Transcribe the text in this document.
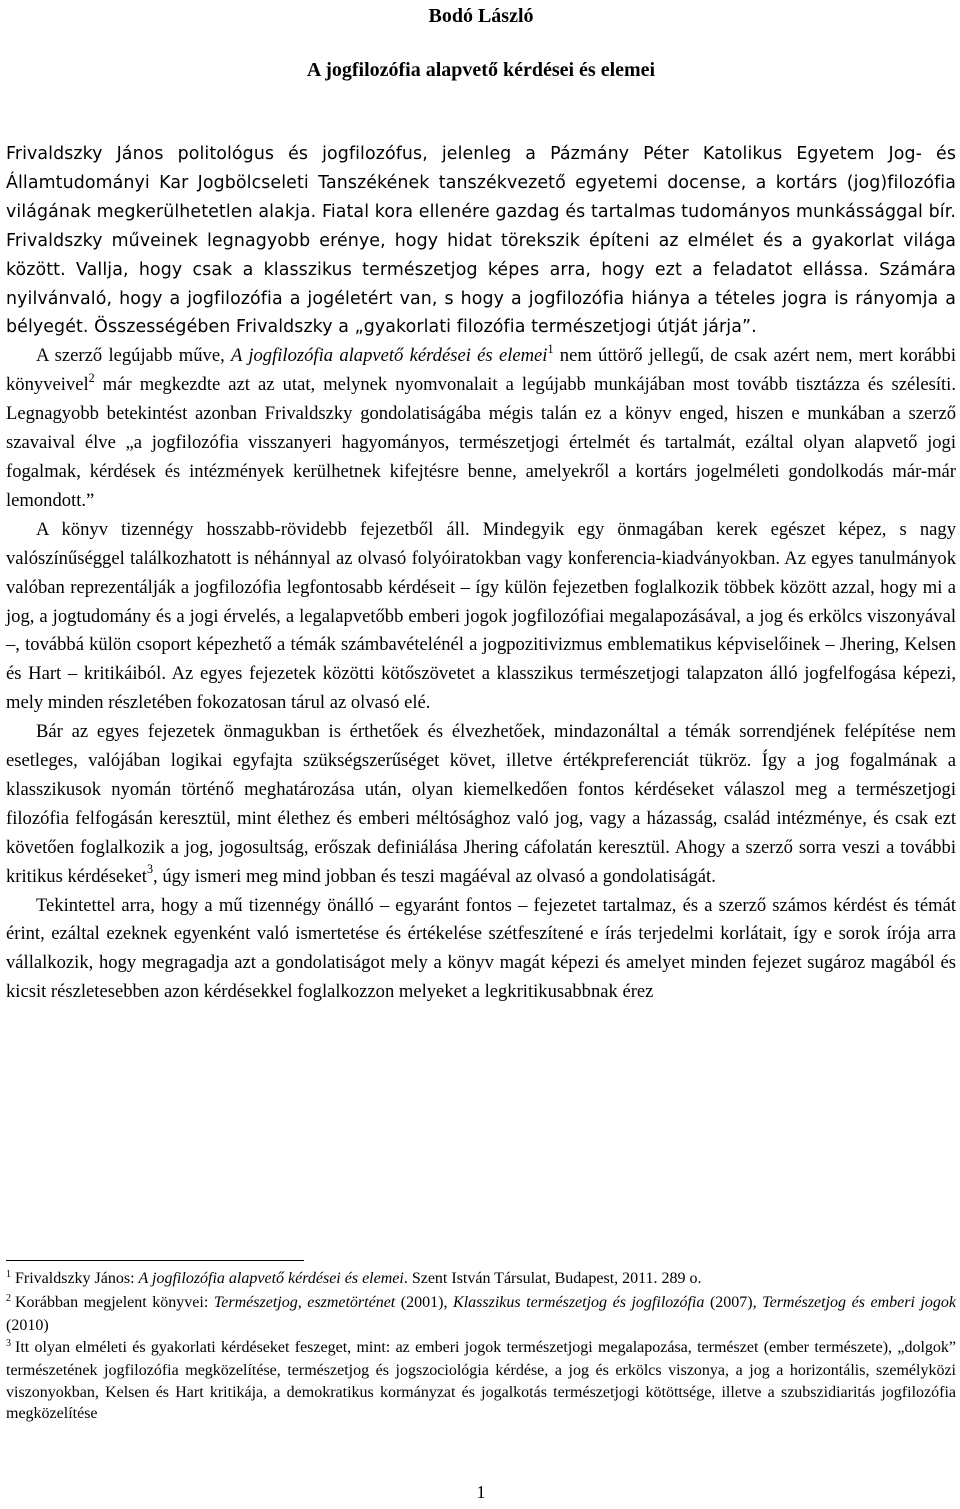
Bodó László
A jogfilozófia alapvető kérdései és elemei

Frivaldszky János politológus és jogfilozófus, jelenleg a Pázmány Péter Katolikus Egyetem Jog- és Államtudományi Kar Jogbölcseleti Tanszékének tanszékvezető egyetemi docense, a kortárs (jog)filozófia világának megkerülhetetlen alakja. Fiatal kora ellenére gazdag és tartalmas tudományos munkássággal bír. Frivaldszky műveinek legnagyobb erénye, hogy hidat törekszik építeni az elmélet és a gyakorlat világa között. Vallja, hogy csak a klasszikus természetjog képes arra, hogy ezt a feladatot ellássa. Számára nyilvánvaló, hogy a jogfilozófia a jogéletért van, s hogy a jogfilozófia hiánya a tételes jogra is rányomja a bélyegét. Összességében Frivaldszky a „gyakorlati filozófia természetjogi útját járja”.

A szerző legújabb műve, A jogfilozófia alapvető kérdései és elemei$^1$ nem úttörő jellegű, de csak azért nem, mert korábbi könyveivel$^2$ már megkezdte azt az utat, melynek nyomvonalait a legújabb munkájában most tovább tisztázza és szélesíti. Legnagyobb betekintést azonban Frivaldszky gondolatiságába mégis talán ez a könyv enged, hiszen e munkában a szerző szavaival élve „a jogfilozófia visszanyeri hagyományos, természetjogi értelmét és tartalmát, ezáltal olyan alapvető jogi fogalmak, kérdések és intézmények kerülhetnek kifejtésre benne, amelyekről a kortárs jogelméleti gondolkodás már-már lemondott.”

A könyv tizennégy hosszabb-rövidebb fejezetből áll. Mindegyik egy önmagában kerek egészet képez, s nagy valószínűséggel találkozhatott is néhánnyal az olvasó folyóiratokban vagy konferencia-kiadványokban. Az egyes tanulmányok valóban reprezentálják a jogfilozófia legfontosabb kérdéseit – így külön fejezetben foglalkozik többek között azzal, hogy mi a jog, a jogtudomány és a jogi érvelés, a legalapvetőbb emberi jogok jogfilozófiai megalapozásával, a jog és erkölcs viszonyával –, továbbá külön csoport képezhető a témák számbavételénél a jogpozitivizmus emblematikus képviselőinek – Jhering, Kelsen és Hart – kritikáiból. Az egyes fejezetek közötti kötőszövetet a klasszikus természetjogi talapzaton álló jogfelfogása képezi, mely minden részletében fokozatosan tárul az olvasó elé.

Bár az egyes fejezetek önmagukban is érthetőek és élvezhetőek, mindazonáltal a témák sorrendjének felépítése nem esetleges, valójában logikai egyfajta szükségszerűséget követ, illetve értékpreferenciát tükröz. Így a jog fogalmának a klasszikusok nyomán történő meghatározása után, olyan kiemelkedően fontos kérdéseket válaszol meg a természetjogi filozófia felfogásán keresztül, mint élethez és emberi méltósághoz való jog, vagy a házasság, család intézménye, és csak ezt követően foglalkozik a jog, jogosultság, erőszak definiálása Jhering cáfolatán keresztül. Ahogy a szerző sorra veszi a további kritikus kérdéseket$^3$, úgy ismeri meg mind jobban és teszi magáéval az olvasó a gondolatiságát.

Tekintettel arra, hogy a mű tizennégy önálló – egyaránt fontos – fejezetet tartalmaz, és a szerző számos kérdést és témát érint, ezáltal ezeknek egyenként való ismertetése és értékelése szétfeszítené e írás terjedelmi korlátait, így e sorok írója arra vállalkozik, hogy megragadja azt a gondolatiságot mely a könyv magát képezi és amelyet minden fejezet sugároz magából és kicsit részletesebben azon kérdésekkel foglalkozzon melyeket a legkritikusabbnak érez

$^1$ Frivaldszky János: A jogfilozófia alapvető kérdései és elemei. Szent István Társulat, Budapest, 2011. 289 o.

$^2$ Korábban megjelent könyvei: Természetjog, eszmetörténet (2001), Klasszikus természetjog és jogfilozófia (2007), Természetjog és emberi jogok (2010)

$^3$ Itt olyan elméleti és gyakorlati kérdéseket feszeget, mint: az emberi jogok természetjogi megalapozása, természet (ember természete), „dolgok” természetének jogfilozófia megközelítése, természetjog és jogszociológia kérdése, a jog és erkölcs viszonya, a jog a horizontális, személyközi viszonyokban, Kelsen és Hart kritikája, a demokratikus kormányzat és jogalkotás természetjogi kötöttsége, illetve a szubszidiaritás jogfilozófia megközelítése

1
